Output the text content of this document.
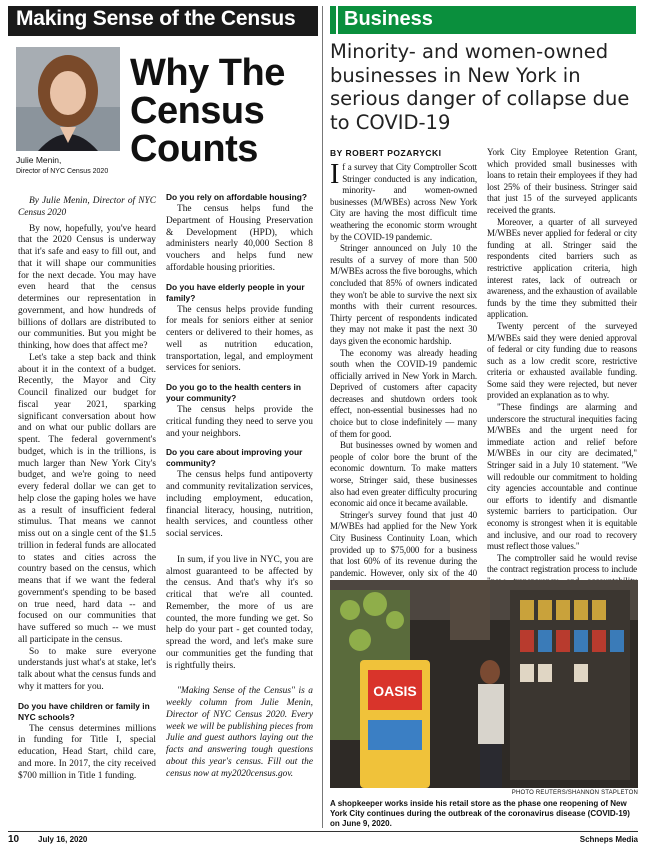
Making Sense of the Census
Julie Menin,
Director of NYC Census 2020
Why The
Census
Counts

By Julie Menin, Director of NYC Census 2020

By now, hopefully, you've heard that the 2020 Census is underway that it's safe and easy to fill out, and that it will shape our communities for the next decade. You may have even heard that the census determines our representation in government, and how hundreds of billions of dollars are distributed to our communities. But you might be thinking, how does that affect me?

Let's take a step back and think about it in the context of a budget. Recently, the Mayor and City Council finalized our budget for fiscal year 2021, sparking significant conversation about how and on what our public dollars are spent. The federal government's budget, which is in the trillions, is much larger than New York City's budget, and we're going to need every federal dollar we can get to help close the gaping holes we have as a result of insufficient federal stimulus. That means we cannot miss out on a single cent of the $1.5 trillion in federal funds are allocated to states and cities across the country based on the census, which means that if we want the federal government's spending to be based on true need, hard data -- and focused on our communities that have suffered so much -- we must all participate in the census.

So to make sure everyone understands just what's at stake, let's talk about what the census funds and why it matters for you.

Do you have children or family in NYC schools?

The census determines millions in funding for Title I, special education, Head Start, child care, and more. In 2017, the city received $700 million in Title 1 funding.

Do you rely on affordable housing?

The census helps fund the Department of Housing Preservation & Development (HPD), which administers nearly 40,000 Section 8 vouchers and helps fund new affordable housing priorities.

Do you have elderly people in your family?

The census helps provide funding for meals for seniors either at senior centers or delivered to their homes, as well as nutrition education, transportation, legal, and employment services for seniors.

Do you go to the health centers in your community?

The census helps provide the critical funding they need to serve you and your neighbors.

Do you care about improving your community?

The census helps fund antipoverty and community revitalization services, including employment, education, financial literacy, housing, nutrition, health services, and countless other social services.

In sum, if you live in NYC, you are almost guaranteed to be affected by the census. And that's why it's so critical that we're all counted. Remember, the more of us are counted, the more funding we get. So help do your part - get counted today, spread the word, and let's make sure our communities get the funding that is rightfully theirs.

"Making Sense of the Census" is a weekly column from Julie Menin, Director of NYC Census 2020. Every week we will be publishing pieces from Julie and guest authors laying out the facts and answering tough questions about this year's census. Fill out the census now at my2020census.gov.

Business
Minority- and women-owned businesses in New York in serious danger of collapse due to COVID-19
BY ROBERT POZARYCKI

If a survey that City Comptroller Scott Stringer conducted is any indication, minority- and women-owned businesses (M/WBEs) across New York City are having the most difficult time weathering the economic storm wrought by the COVID-19 pandemic.

Stringer announced on July 10 the results of a survey of more than 500 M/WBEs across the five boroughs, which concluded that 85% of owners indicated they won't be able to survive the next six months with their current resources. Thirty percent of respondents indicated they may not make it past the next 30 days given the economic hardship.

The economy was already heading south when the COVID-19 pandemic officially arrived in New York in March. Deprived of customers after capacity decreases and shutdown orders took effect, non-essential businesses had no choice but to close indefinitely — many of them for good.

But businesses owned by women and people of color bore the brunt of the economic downturn. To make matters worse, Stringer said, these businesses also had even greater difficulty procuring economic aid once it became available.

Stringer's survey found that just 40 M/WBEs had applied for the New York City Business Continuity Loan, which provided up to $75,000 for a business that lost 60% of its revenue during the pandemic. However, only six of the 40

York City Employee Retention Grant, which provided small businesses with loans to retain their employees if they had lost 25% of their business. Stringer said that just 15 of the surveyed applicants received the grants.

Moreover, a quarter of all surveyed M/WBEs never applied for federal or city funding at all. Stringer said the respondents cited barriers such as restrictive application criteria, high interest rates, lack of outreach or awareness, and the exhaustion of available funds by the time they submitted their application.

Twenty percent of the surveyed M/WBEs said they were denied approval of federal or city funding due to reasons such as a low credit score, restrictive criteria or exhausted available funding. Some said they were rejected, but never provided an explanation as to why.

"These findings are alarming and underscore the structural inequities facing M/WBEs and the urgent need for immediate action and relief before M/WBEs in our city are decimated," Stringer said in a July 10 statement. "We will redouble our commitment to holding city agencies accountable and continue our efforts to identify and dismantle systemic barriers to participation. Our economy is strongest when it is equitable and inclusive, and our road to recovery must reflect those values."

The comptroller said he would revise the contract registration process to include

OASIS
PHOTO REUTERS/SHANNON STAPLETON
A shopkeeper works inside his retail store as the phase one reopening of New York City continues during the outbreak of the coronavirus disease (COVID-19) on June 9, 2020.
10 July 16, 2020	Schneps Media
